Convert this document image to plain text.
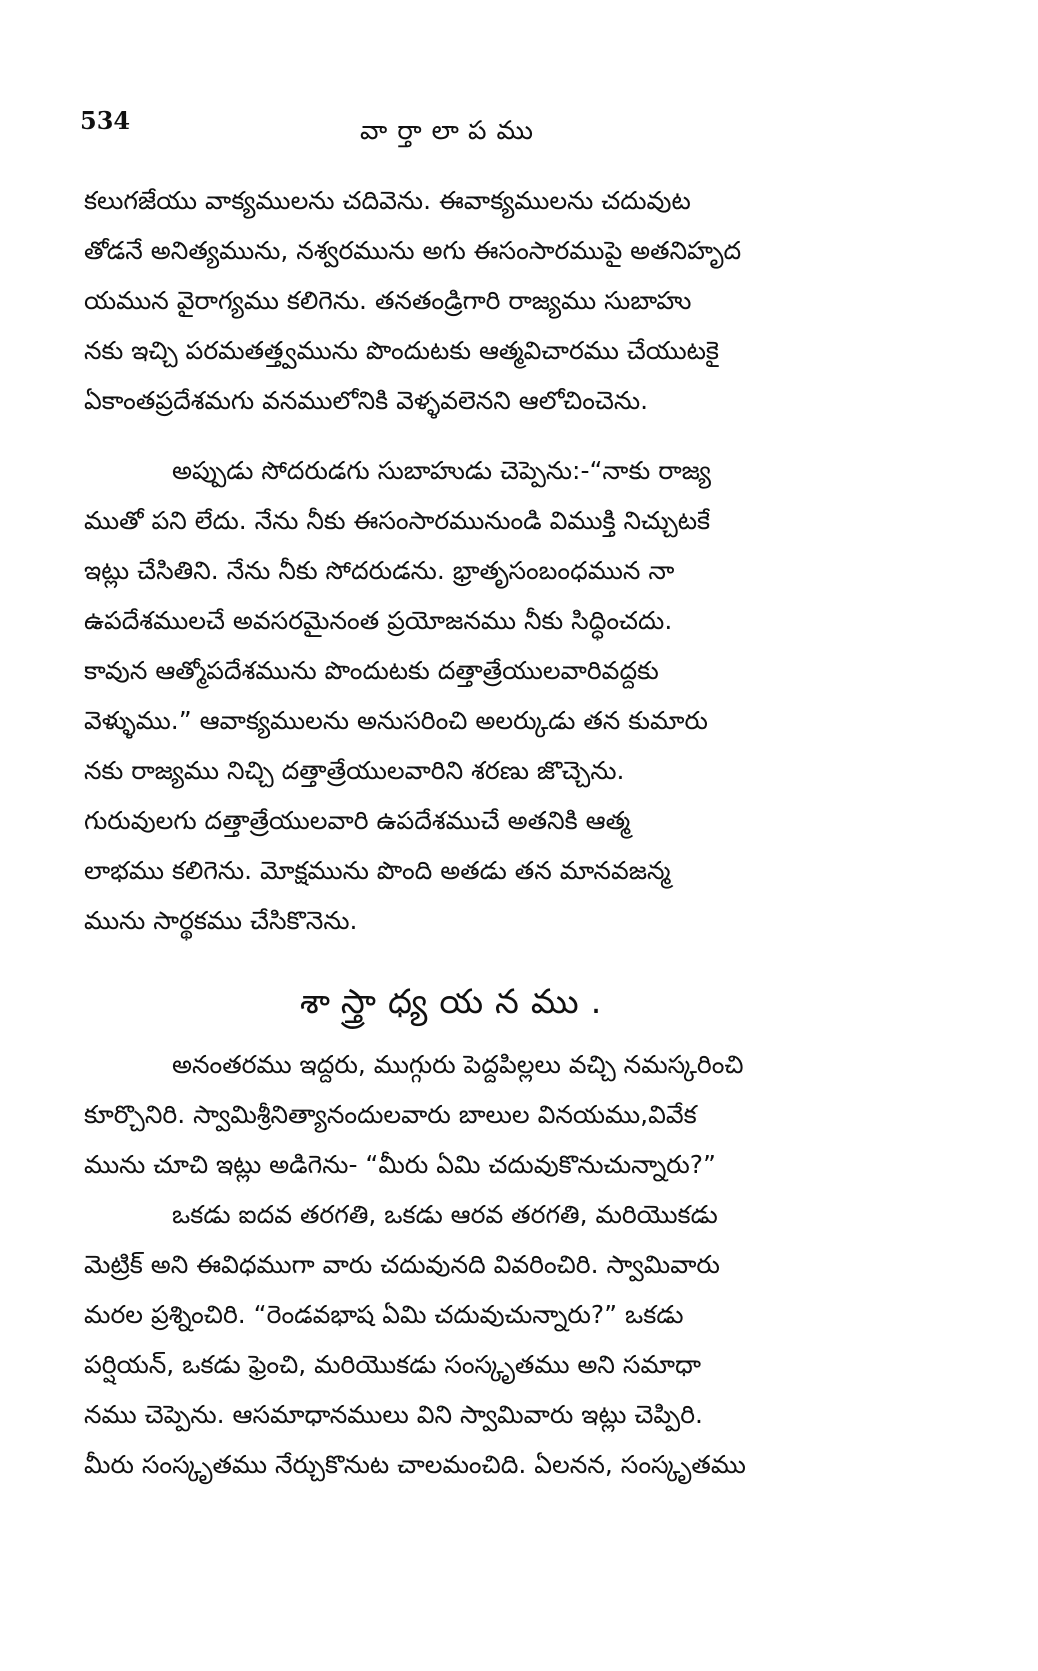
534	వార్తాలాపము
కలుగజేయు వాక్యములను చదివెను. ఈవాక్యములను చదువుట
తోడనే అనిత్యమును, నశ్వరమును అగు ఈసంసారముపై అతనిహృద
యమున వైరాగ్యము కలిగెను. తనతండ్రిగారి రాజ్యము సుబాహు
నకు ఇచ్చి పరమతత్త్వమును పొందుటకు ఆత్మవిచారము చేయుటకై
ఏకాంతప్రదేశమగు వనములోనికి వెళ్ళవలెనని ఆలోచించెను.
అప్పుడు సోదరుడగు సుబాహుడు చెప్పెను:-“నాకు రాజ్య
ముతో పని లేదు. నేను నీకు ఈసంసారమునుండి విముక్తి నిచ్చుటకే
ఇట్లు చేసితిని. నేను నీకు సోదరుడను. భ్రాతృసంబంధమున నా
ఉపదేశములచే అవసరమైనంత ప్రయోజనము నీకు సిద్ధించదు.
కావున ఆత్మోపదేశమును పొందుటకు దత్తాత్రేయులవారివద్దకు
వెళ్ళుము.” ఆవాక్యములను అనుసరించి అలర్కుడు తన కుమారు
నకు రాజ్యము నిచ్చి దత్తాత్రేయులవారిని శరణు జొచ్చెను.
గురువులగు దత్తాత్రేయులవారి ఉపదేశముచే అతనికి ఆత్మ
లాభము కలిగెను. మోక్షమును పొంది అతడు తన మానవజన్మ
మును సార్థకము చేసికొనెను.
శాస్త్రాధ్యయనము.
అనంతరము ఇద్దరు, ముగ్గురు పెద్దపిల్లలు వచ్చి నమస్కరించి
కూర్చొనిరి. స్వామిశ్రీనిత్యానందులవారు బాలుల వినయము,వివేక
మును చూచి ఇట్లు అడిగెను- “మీరు ఏమి చదువుకొనుచున్నారు?”
ఒకడు ఐదవ తరగతి, ఒకడు ఆరవ తరగతి, మరియొకడు
మెట్రిక్ అని ఈవిధముగా వారు చదువునది వివరించిరి. స్వామివారు
మరల ప్రశ్నించిరి. “రెండవభాష ఏమి చదువుచున్నారు?” ఒకడు
పర్షియన్, ఒకడు ఫ్రెంచి, మరియొకడు సంస్కృతము అని సమాధా
నము చెప్పెను. ఆసమాధానములు విని స్వామివారు ఇట్లు చెప్పిరి.
మీరు సంస్కృతము నేర్చుకొనుట చాలమంచిది. ఏలనన, సంస్కృతము
